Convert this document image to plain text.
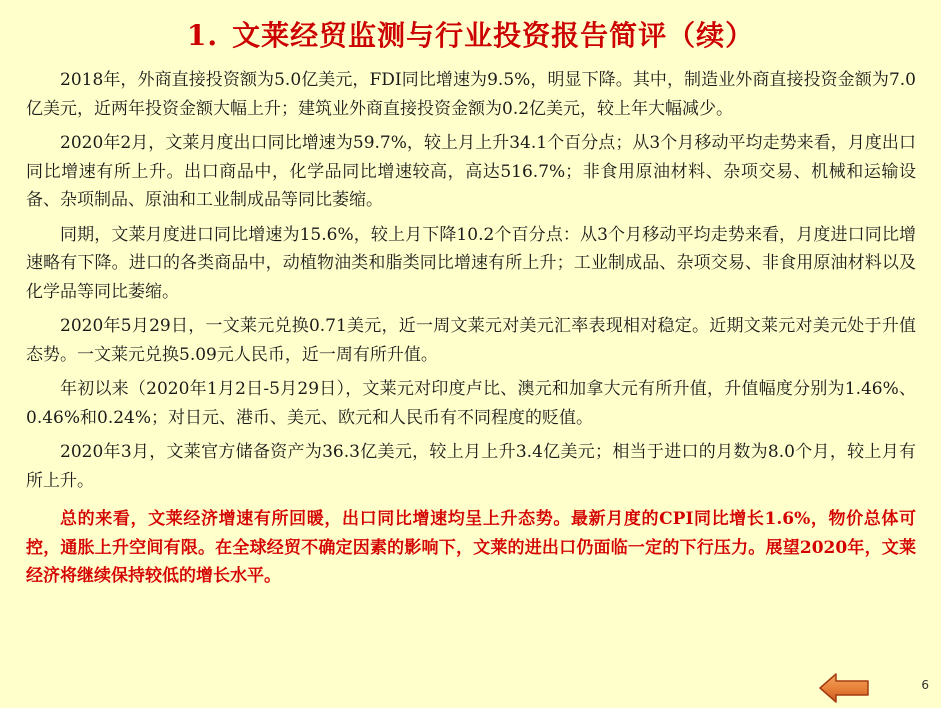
1. 文莱经贸监测与行业投资报告简评（续）

2018年，外商直接投资额为5.0亿美元，FDI同比增速为9.5%，明显下降。其中，制造业外商直接投资金额为7.0亿美元，近两年投资金额大幅上升；建筑业外商直接投资金额为0.2亿美元，较上年大幅减少。

2020年2月，文莱月度出口同比增速为59.7%，较上月上升34.1个百分点；从3个月移动平均走势来看，月度出口同比增速有所上升。出口商品中，化学品同比增速较高，高达516.7%；非食用原油材料、杂项交易、机械和运输设备、杂项制品、原油和工业制成品等同比萎缩。

同期，文莱月度进口同比增速为15.6%，较上月下降10.2个百分点：从3个月移动平均走势来看，月度进口同比增速略有下降。进口的各类商品中，动植物油类和脂类同比增速有所上升；工业制成品、杂项交易、非食用原油材料以及化学品等同比萎缩。

2020年5月29日，一文莱元兑换0.71美元，近一周文莱元对美元汇率表现相对稳定。近期文莱元对美元处于升值态势。一文莱元兑换5.09元人民币，近一周有所升值。

年初以来（2020年1月2日-5月29日），文莱元对印度卢比、澳元和加拿大元有所升值，升值幅度分别为1.46%、0.46%和0.24%；对日元、港币、美元、欧元和人民币有不同程度的贬值。

2020年3月，文莱官方储备资产为36.3亿美元，较上月上升3.4亿美元；相当于进口的月数为8.0个月，较上月有所上升。

总的来看，文莱经济增速有所回暖，出口同比增速均呈上升态势。最新月度的CPI同比增长1.6%，物价总体可控，通胀上升空间有限。在全球经贸不确定因素的影响下，文莱的进出口仍面临一定的下行压力。展望2020年，文莱经济将继续保持较低的增长水平。

6
